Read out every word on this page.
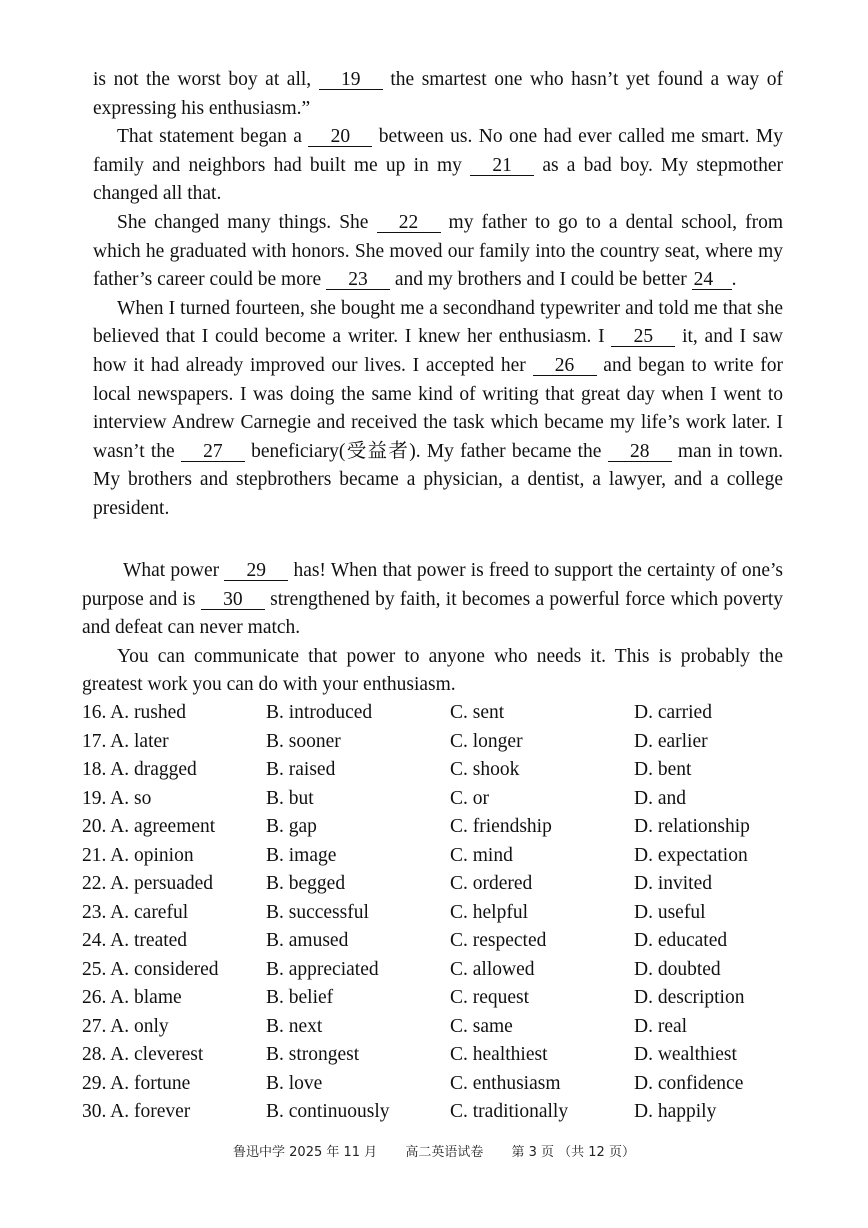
is not the worst boy at all, 19 the smartest one who hasn’t yet found a way of expressing his enthusiasm.”

That statement began a 20 between us. No one had ever called me smart. My family and neighbors had built me up in my 21 as a bad boy. My stepmother changed all that.

She changed many things. She 22 my father to go to a dental school, from which he graduated with honors. She moved our family into the country seat, where my father’s career could be more 23 and my brothers and I could be better 24 .

When I turned fourteen, she bought me a secondhand typewriter and told me that she believed that I could become a writer. I knew her enthusiasm. I 25 it, and I saw how it had already improved our lives. I accepted her 26 and began to write for local newspapers. I was doing the same kind of writing that great day when I went to interview Andrew Carnegie and received the task which became my life’s work later. I wasn’t the 27 beneficiary(受益者). My father became the 28 man in town. My brothers and stepbrothers became a physician, a dentist, a lawyer, and a college president.

What power 29 has! When that power is freed to support the certainty of one’s purpose and is 30 strengthened by faith, it becomes a powerful force which poverty and defeat can never match.

You can communicate that power to anyone who needs it. This is probably the greatest work you can do with your enthusiasm.

16. A. rushed	B. introduced	C. sent	D. carried
17. A. later	B. sooner	C. longer	D. earlier
18. A. dragged	B. raised	C. shook	D. bent
19. A. so	B. but	C. or	D. and
20. A. agreement	B. gap	C. friendship	D. relationship
21. A. opinion	B. image	C. mind	D. expectation
22. A. persuaded	B. begged	C. ordered	D. invited
23. A. careful	B. successful	C. helpful	D. useful
24. A. treated	B. amused	C. respected	D. educated
25. A. considered B. appreciated	C. allowed	D. doubted
26. A. blame	B. belief	C. request	D. description
27. A. only	B. next	C. same	D. real
28. A. cleverest	B. strongest	C. healthiest	D. wealthiest
29. A. fortune	B. love	C. enthusiasm	D. confidence
30. A. forever	B. continuously	C. traditionally	D. happily
鲁迅中学 2025 年 11 月 高二英语试卷 第 3 页 （共 12 页）
